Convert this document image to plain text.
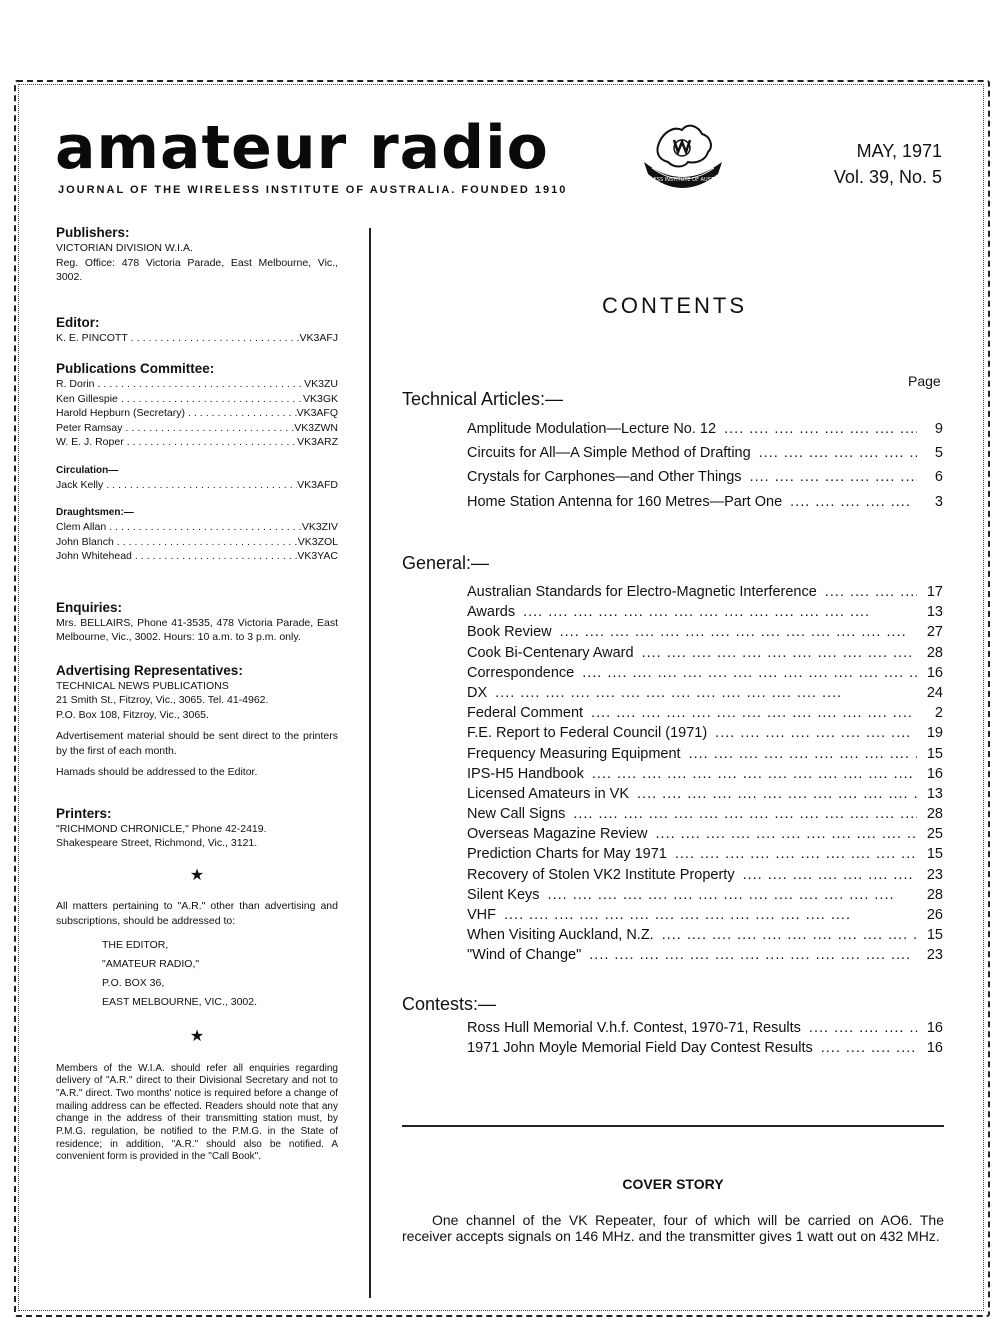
amateur radio
JOURNAL OF THE WIRELESS INSTITUTE OF AUSTRALIA. FOUNDED 1910
WIRELESS INSTITUTE OF AUSTRALIA
MAY, 1971
Vol. 39, No. 5
Publishers:
VICTORIAN DIVISION W.I.A.

Reg. Office: 478 Victoria Parade, East Melbourne, Vic., 3002.

Editor:
K. E. PINCOTT .....	VK3AFJ
Publications Committee:
R. Dorin .....	VK3ZU
Ken Gillespie .....	VK3GK
Harold Hepburn (Secretary) .....	VK3AFQ
Peter Ramsay .....	VK3ZWN
W. E. J. Roper .....	VK3ARZ
Circulation—
Jack Kelly .....	VK3AFD
Draughtsmen:—
Clem Allan .....	VK3ZIV
John Blanch .....	VK3ZOL
John Whitehead .....	VK3YAC
Enquiries:

Mrs. BELLAIRS, Phone 41-3535, 478 Victoria Parade, East Melbourne, Vic., 3002. Hours: 10 a.m. to 3 p.m. only.

Advertising Representatives:
TECHNICAL NEWS PUBLICATIONS
21 Smith St., Fitzroy, Vic., 3065. Tel. 41-4962.
P.O. Box 108, Fitzroy, Vic., 3065.

Advertisement material should be sent direct to the printers by the first of each month.

Hamads should be addressed to the Editor.

Printers:
"RICHMOND CHRONICLE," Phone 42-2419.
Shakespeare Street, Richmond, Vic., 3121.
★

All matters pertaining to "A.R." other than advertising and subscriptions, should be addressed to:

THE EDITOR,
"AMATEUR RADIO,"
P.O. BOX 36,
EAST MELBOURNE, VIC., 3002.
★

Members of the W.I.A. should refer all enquiries regarding delivery of "A.R." direct to their Divisional Secretary and not to "A.R." direct. Two months' notice is required before a change of mailing address can be effected. Readers should note that any change in the address of their transmitting station must, by P.M.G. regulation, be notified to the P.M.G. in the State of residence; in addition, "A.R." should also be notified. A convenient form is provided in the "Call Book".

CONTENTS
Page
Technical Articles:—
Amplitude Modulation—Lecture No. 12 ....	9
Circuits for All—A Simple Method of Drafting ....	5
Crystals for Carphones—and Other Things ....	6
Home Station Antenna for 160 Metres—Part One ....	3
General:—
Australian Standards for Electro-Magnetic Interference ....	17
Awards ....	13
Book Review ....	27
Cook Bi-Centenary Award ....	28
Correspondence ....	16
DX ....	24
Federal Comment ....	2
F.E. Report to Federal Council (1971) ....	19
Frequency Measuring Equipment ....	15
IPS-H5 Handbook ....	16
Licensed Amateurs in VK ....	13
New Call Signs ....	28
Overseas Magazine Review ....	25
Prediction Charts for May 1971 ....	15
Recovery of Stolen VK2 Institute Property ....	23
Silent Keys ....	28
VHF ....	26
When Visiting Auckland, N.Z. ....	15
"Wind of Change" ....	23
Contests:—
Ross Hull Memorial V.h.f. Contest, 1970-71, Results ....	16
1971 John Moyle Memorial Field Day Contest Results ....	16
COVER STORY

One channel of the VK Repeater, four of which will be carried on AO6. The receiver accepts signals on 146 MHz. and the transmitter gives 1 watt out on 432 MHz.
